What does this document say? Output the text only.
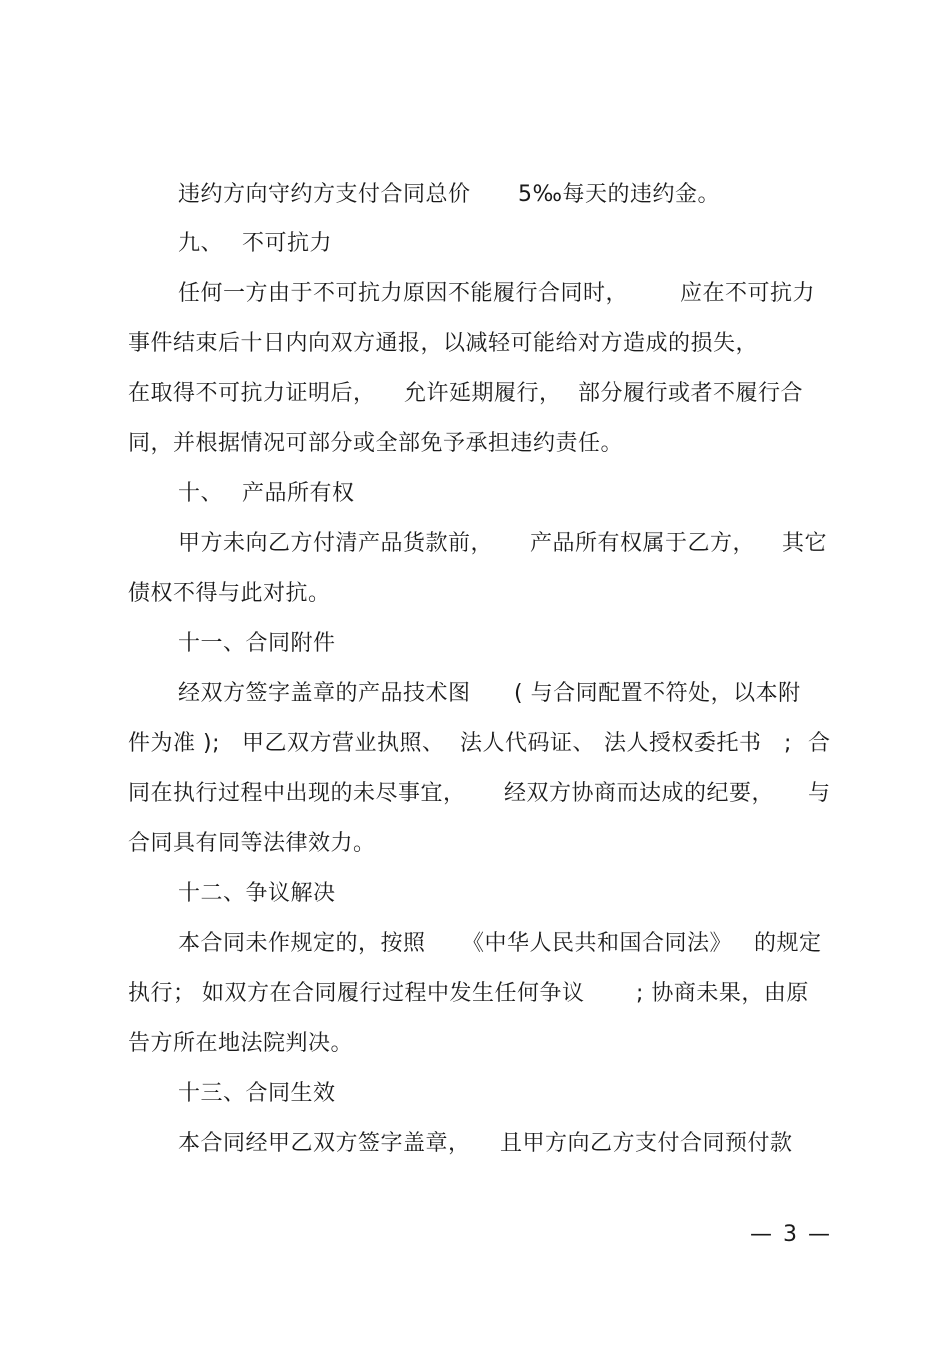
违约方向守约方支付合同总价 5‰每天的违约金。
九、 不可抗力
任何一方由于不可抗力原因不能履行合同时， 应在不可抗力
事件结束后十日内向双方通报，以减轻可能给对方造成的损失，
在取得不可抗力证明后， 允许延期履行， 部分履行或者不履行合
同，并根据情况可部分或全部免予承担违约责任。
十、 产品所有权
甲方未向乙方付清产品货款前， 产品所有权属于乙方， 其它
债权不得与此对抗。
十一、合同附件
经双方签字盖章的产品技术图 ( 与合同配置不符处，以本附
件为准 ); 甲乙双方营业执照、 法人代码证、 法人授权委托书 ; 合
同在执行过程中出现的未尽事宜， 经双方协商而达成的纪要， 与
合同具有同等法律效力。
十二、争议解决
本合同未作规定的，按照 《中华人民共和国合同法》 的规定
执行； 如双方在合同履行过程中发生任何争议 ; 协商未果，由原
告方所在地法院判决。
十三、合同生效
本合同经甲乙双方签字盖章， 且甲方向乙方支付合同预付款
— 3 —
